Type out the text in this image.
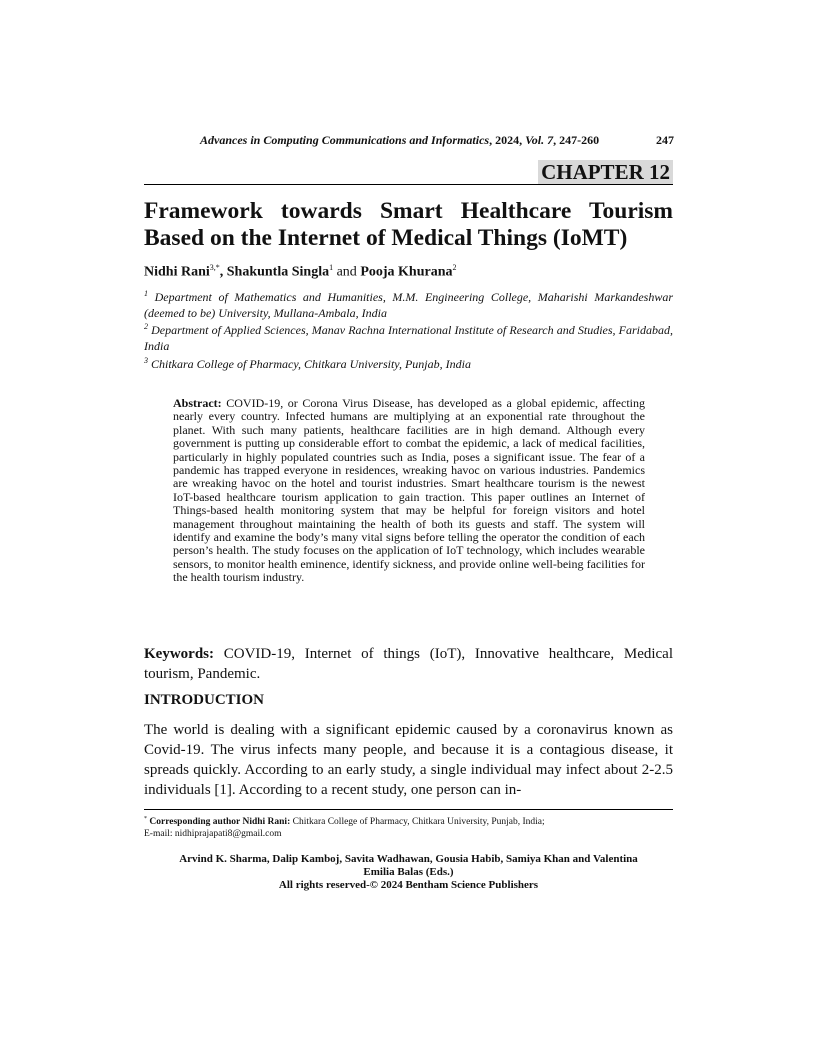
Advances in Computing Communications and Informatics, 2024, Vol. 7, 247-260	247
CHAPTER 12
Framework towards Smart Healthcare Tourism Based on the Internet of Medical Things (IoMT)
Nidhi Rani$^{3,*}$, Shakuntla Singla$^1$ and Pooja Khurana$^2$
$^1$ Department of Mathematics and Humanities, M.M. Engineering College, Maharishi Markandeshwar (deemed to be) University, Mullana-Ambala, India
$^2$ Department of Applied Sciences, Manav Rachna International Institute of Research and Studies, Faridabad, India
$^3$ Chitkara College of Pharmacy, Chitkara University, Punjab, India
Abstract: COVID-19, or Corona Virus Disease, has developed as a global epidemic, affecting nearly every country. Infected humans are multiplying at an exponential rate throughout the planet. With such many patients, healthcare facilities are in high demand. Although every government is putting up considerable effort to combat the epidemic, a lack of medical facilities, particularly in highly populated countries such as India, poses a significant issue. The fear of a pandemic has trapped everyone in residences, wreaking havoc on various industries. Pandemics are wreaking havoc on the hotel and tourist industries. Smart healthcare tourism is the newest IoT-based healthcare tourism application to gain traction. This paper outlines an Internet of Things-based health monitoring system that may be helpful for foreign visitors and hotel management throughout maintaining the health of both its guests and staff. The system will identify and examine the body’s many vital signs before telling the operator the condition of each person’s health. The study focuses on the application of IoT technology, which includes wearable sensors, to monitor health eminence, identify sickness, and provide online well-being facilities for the health tourism industry.
Keywords: COVID-19, Internet of things (IoT), Innovative healthcare, Medical tourism, Pandemic.
INTRODUCTION
The world is dealing with a significant epidemic caused by a coronavirus known as Covid-19. The virus infects many people, and because it is a contagious disease, it spreads quickly. According to an early study, a single individual may infect about 2-2.5 individuals [1]. According to a recent study, one person can in-
* Corresponding author Nidhi Rani: Chitkara College of Pharmacy, Chitkara University, Punjab, India;
E-mail: nidhiprajapati8@gmail.com
Arvind K. Sharma, Dalip Kamboj, Savita Wadhawan, Gousia Habib, Samiya Khan and Valentina
Emilia Balas (Eds.)
All rights reserved-© 2024 Bentham Science Publishers
